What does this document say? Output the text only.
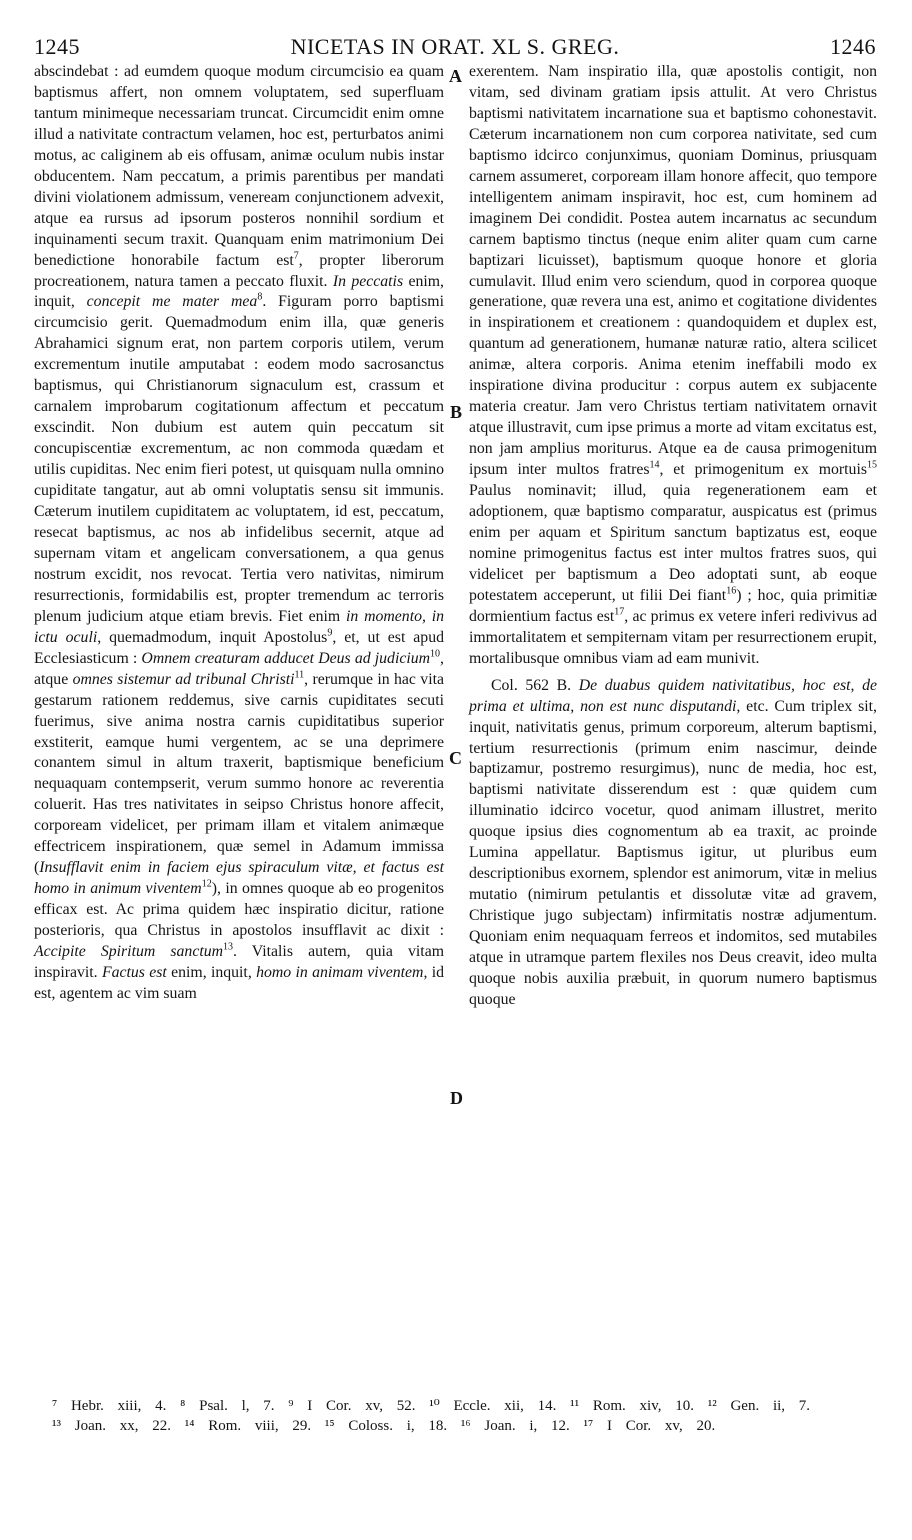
1245	NICETAS IN ORAT. XL S. GREG.	1246
A
B
C
D

abscindebat : ad eumdem quoque modum circumcisio ea quam baptismus affert, non omnem voluptatem, sed superfluam tantum minimeque necessariam truncat. Circumcidit enim omne illud a nativitate contractum velamen, hoc est, perturbatos animi motus, ac caliginem ab eis offusam, animæ oculum nubis instar obducentem. Nam peccatum, a primis parentibus per mandati divini violationem admissum, veneream conjunctionem advexit, atque ea rursus ad ipsorum posteros nonnihil sordium et inquinamenti secum traxit. Quanquam enim matrimonium Dei benedictione honorabile factum est$^7$, propter liberorum procreationem, natura tamen a peccato fluxit. In peccatis enim, inquit, concepit me mater mea$^8$. Figuram porro baptismi circumcisio gerit. Quemadmodum enim illa, quæ generis Abrahamici signum erat, non partem corporis utilem, verum excrementum inutile amputabat : eodem modo sacrosanctus baptismus, qui Christianorum signaculum est, crassum et carnalem improbarum cogitationum affectum et peccatum exscindit. Non dubium est autem quin peccatum sit concupiscentiæ excrementum, ac non commoda quædam et utilis cupiditas. Nec enim fieri potest, ut quisquam nulla omnino cupiditate tangatur, aut ab omni voluptatis sensu sit immunis. Cæterum inutilem cupiditatem ac voluptatem, id est, peccatum, resecat baptismus, ac nos ab infidelibus secernit, atque ad supernam vitam et angelicam conversationem, a qua genus nostrum excidit, nos revocat. Tertia vero nativitas, nimirum resurrectionis, formidabilis est, propter tremendum ac terroris plenum judicium atque etiam brevis. Fiet enim in momento, in ictu oculi, quemadmodum, inquit Apostolus$^9$, et, ut est apud Ecclesiasticum : Omnem creaturam adducet Deus ad judicium$^{10}$, atque omnes sistemur ad tribunal Christi$^{11}$, rerumque in hac vita gestarum rationem reddemus, sive carnis cupiditates secuti fuerimus, sive anima nostra carnis cupiditatibus superior exstiterit, eamque humi vergentem, ac se una deprimere conantem simul in altum traxerit, baptismique beneficium nequaquam contempserit, verum summo honore ac reverentia coluerit. Has tres nativitates in seipso Christus honore affecit, corpoream videlicet, per primam illam et vitalem animæque effectricem inspirationem, quæ semel in Adamum immissa (Insufflavit enim in faciem ejus spiraculum vitæ, et factus est homo in animum viventem$^{12}$), in omnes quoque ab eo progenitos efficax est. Ac prima quidem hæc inspiratio dicitur, ratione posterioris, qua Christus in apostolos insufflavit ac dixit : Accipite Spiritum sanctum$^{13}$. Vitalis autem, quia vitam inspiravit. Factus est enim, inquit, homo in animam viventem, id est, agentem ac vim suam

exerentem. Nam inspiratio illa, quæ apostolis contigit, non vitam, sed divinam gratiam ipsis attulit. At vero Christus baptismi nativitatem incarnatione sua et baptismo cohonestavit. Cæterum incarnationem non cum corporea nativitate, sed cum baptismo idcirco conjunximus, quoniam Dominus, priusquam carnem assumeret, corpoream illam honore affecit, quo tempore intelligentem animam inspiravit, hoc est, cum hominem ad imaginem Dei condidit. Postea autem incarnatus ac secundum carnem baptismo tinctus (neque enim aliter quam cum carne baptizari licuisset), baptismum quoque honore et gloria cumulavit. Illud enim vero sciendum, quod in corporea quoque generatione, quæ revera una est, animo et cogitatione dividentes in inspirationem et creationem : quandoquidem et duplex est, quantum ad generationem, humanæ naturæ ratio, altera scilicet animæ, altera corporis. Anima etenim ineffabili modo ex inspiratione divina producitur : corpus autem ex subjacente materia creatur. Jam vero Christus tertiam nativitatem ornavit atque illustravit, cum ipse primus a morte ad vitam excitatus est, non jam amplius moriturus. Atque ea de causa primogenitum ipsum inter multos fratres$^{14}$, et primogenitum ex mortuis$^{15}$ Paulus nominavit; illud, quia regenerationem eam et adoptionem, quæ baptismo comparatur, auspicatus est (primus enim per aquam et Spiritum sanctum baptizatus est, eoque nomine primogenitus factus est inter multos fratres suos, qui videlicet per baptismum a Deo adoptati sunt, ab eoque potestatem acceperunt, ut filii Dei fiant$^{16}$) ; hoc, quia primitiæ dormientium factus est$^{17}$, ac primus ex vetere inferi redivivus ad immortalitatem et sempiternam vitam per resurrectionem erupit, mortalibusque omnibus viam ad eam munivit.

Col. 562 B. De duabus quidem nativitatibus, hoc est, de prima et ultima, non est nunc disputandi, etc. Cum triplex sit, inquit, nativitatis genus, primum corporeum, alterum baptismi, tertium resurrectionis (primum enim nascimur, deinde baptizamur, postremo resurgimus), nunc de media, hoc est, baptismi nativitate disserendum est : quæ quidem cum illuminatio idcirco vocetur, quod animam illustret, merito quoque ipsius dies cognomentum ab ea traxit, ac proinde Lumina appellatur. Baptismus igitur, ut pluribus eum descriptionibus exornem, splendor est animorum, vitæ in melius mutatio (nimirum petulantis et dissolutæ vitæ ad gravem, Christique jugo subjectam) infirmitatis nostræ adjumentum. Quoniam enim nequaquam ferreos et indomitos, sed mutabiles atque in utramque partem flexiles nos Deus creavit, ideo multa quoque nobis auxilia præbuit, in quorum numero baptismus quoque

⁷ Hebr. xiii, 4. ⁸ Psal. l, 7. ⁹ I Cor. xv, 52. ¹⁰ Eccle. xii, 14. ¹¹ Rom. xiv, 10. ¹² Gen. ii, 7.
¹³ Joan. xx, 22. ¹⁴ Rom. viii, 29. ¹⁵ Coloss. i, 18. ¹⁶ Joan. i, 12. ¹⁷ I Cor. xv, 20.
